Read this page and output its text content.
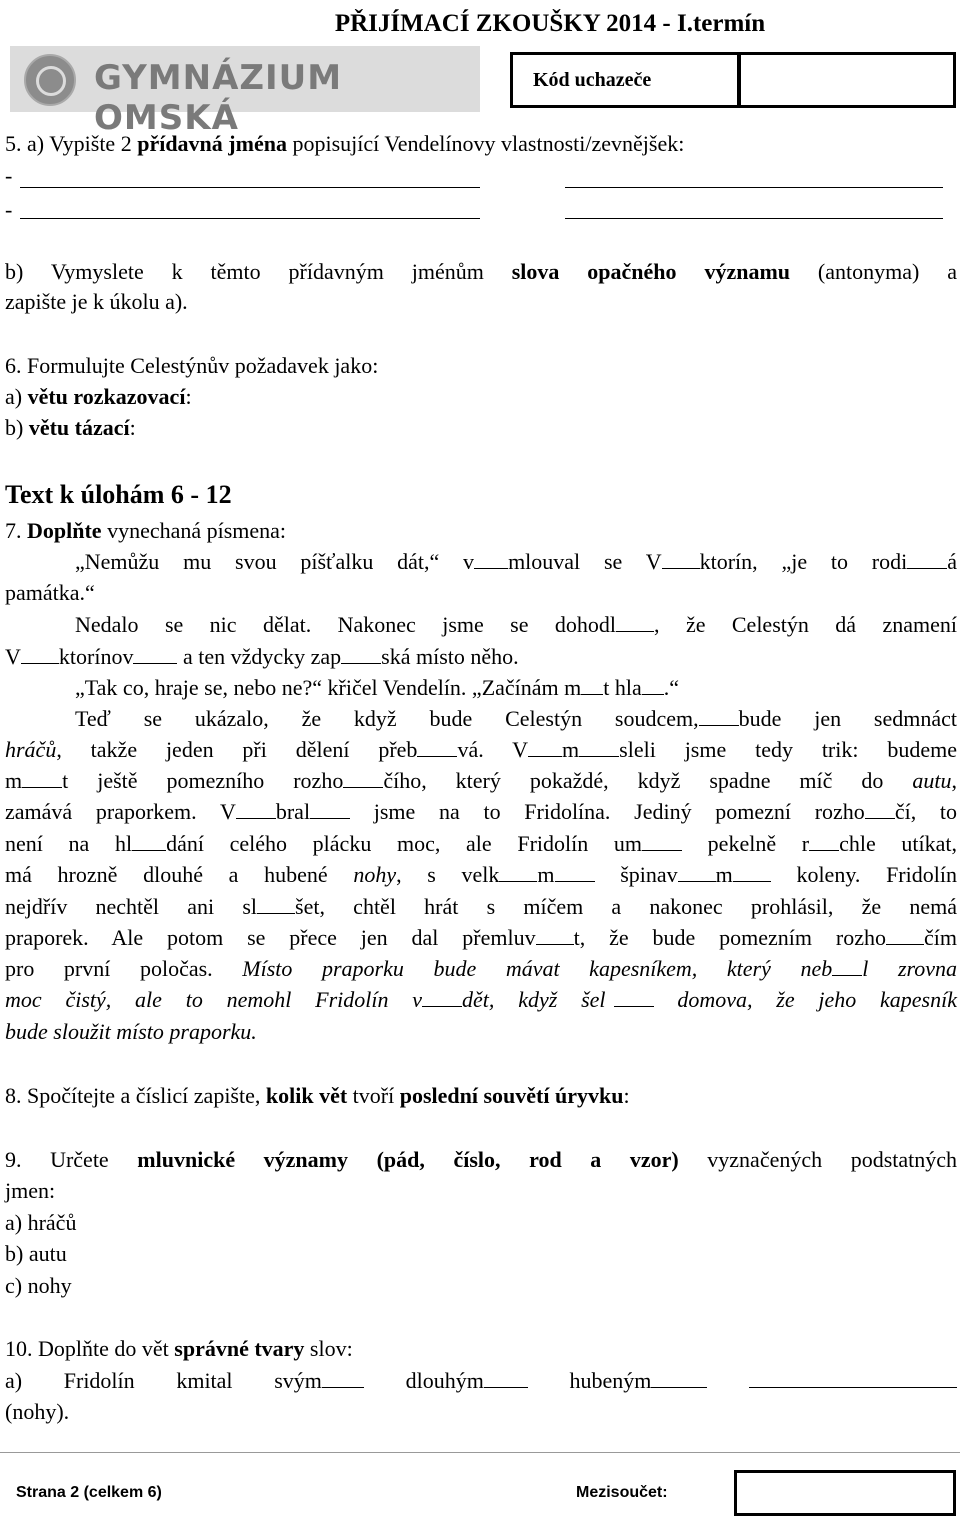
PŘIJÍMACÍ ZKOUŠKY 2014 - I.termín
GYMNÁZIUM OMSKÁ
Kód uchazeče
5. a) Vypište 2 přídavná jména popisující Vendelínovy vlastnosti/zevnějšek:
-
-
b) Vymyslete k těmto přídavným jménům slova opačného významu (antonyma) a
zapište je k úkolu a).
6. Formulujte Celestýnův požadavek jako:
a) větu rozkazovací:
b) větu tázací:
Text k úlohám 6 - 12
7. Doplňte vynechaná písmena:
„Nemůžu mu svou píšťalku dát,“ v mlouval se V ktorín, „je to rodi á
památka.“
Nedalo se nic dělat. Nakonec jsme se dohodl , že Celestýn dá znamení
V ktorínov a ten vždycky zap ská místo něho.
„Tak co, hraje se, nebo ne?“ křičel Vendelín. „Začínám m t hla .“
Teď se ukázalo, že když bude Celestýn soudcem, bude jen sedmnáct
hráčů, takže jeden při dělení přeb vá. V m sleli jsme tedy trik: budeme
m t ještě pomezního rozho čího, který pokaždé, když spadne míč do autu,
zamává praporkem. V bral jsme na to Fridolína. Jediný pomezní rozho čí, to
není na hl dání celého plácku moc, ale Fridolín um pekelně r chle utíkat,
má hrozně dlouhé a hubené nohy, s velk m špinav m koleny. Fridolín
nejdřív nechtěl ani sl šet, chtěl hrát s míčem a nakonec prohlásil, že nemá
praporek. Ale potom se přece jen dal přemluv t, že bude pomezním rozho čím
pro první poločas. Místo praporku bude mávat kapesníkem, který neb l zrovna
moc čistý, ale to nemohl Fridolín v dět, když šel domova, že jeho kapesník
bude sloužit místo praporku.
8. Spočítejte a číslicí zapište, kolik vět tvoří poslední souvětí úryvku:
9. Určete mluvnické významy (pád, číslo, rod a vzor) vyznačených podstatných
jmen:
a) hráčů
b) autu
c) nohy
10. Doplňte do vět správné tvary slov:
a) Fridolín kmital svým	dlouhým	hubeným
(nohy).
Strana 2 (celkem 6)	Mezisoučet:
